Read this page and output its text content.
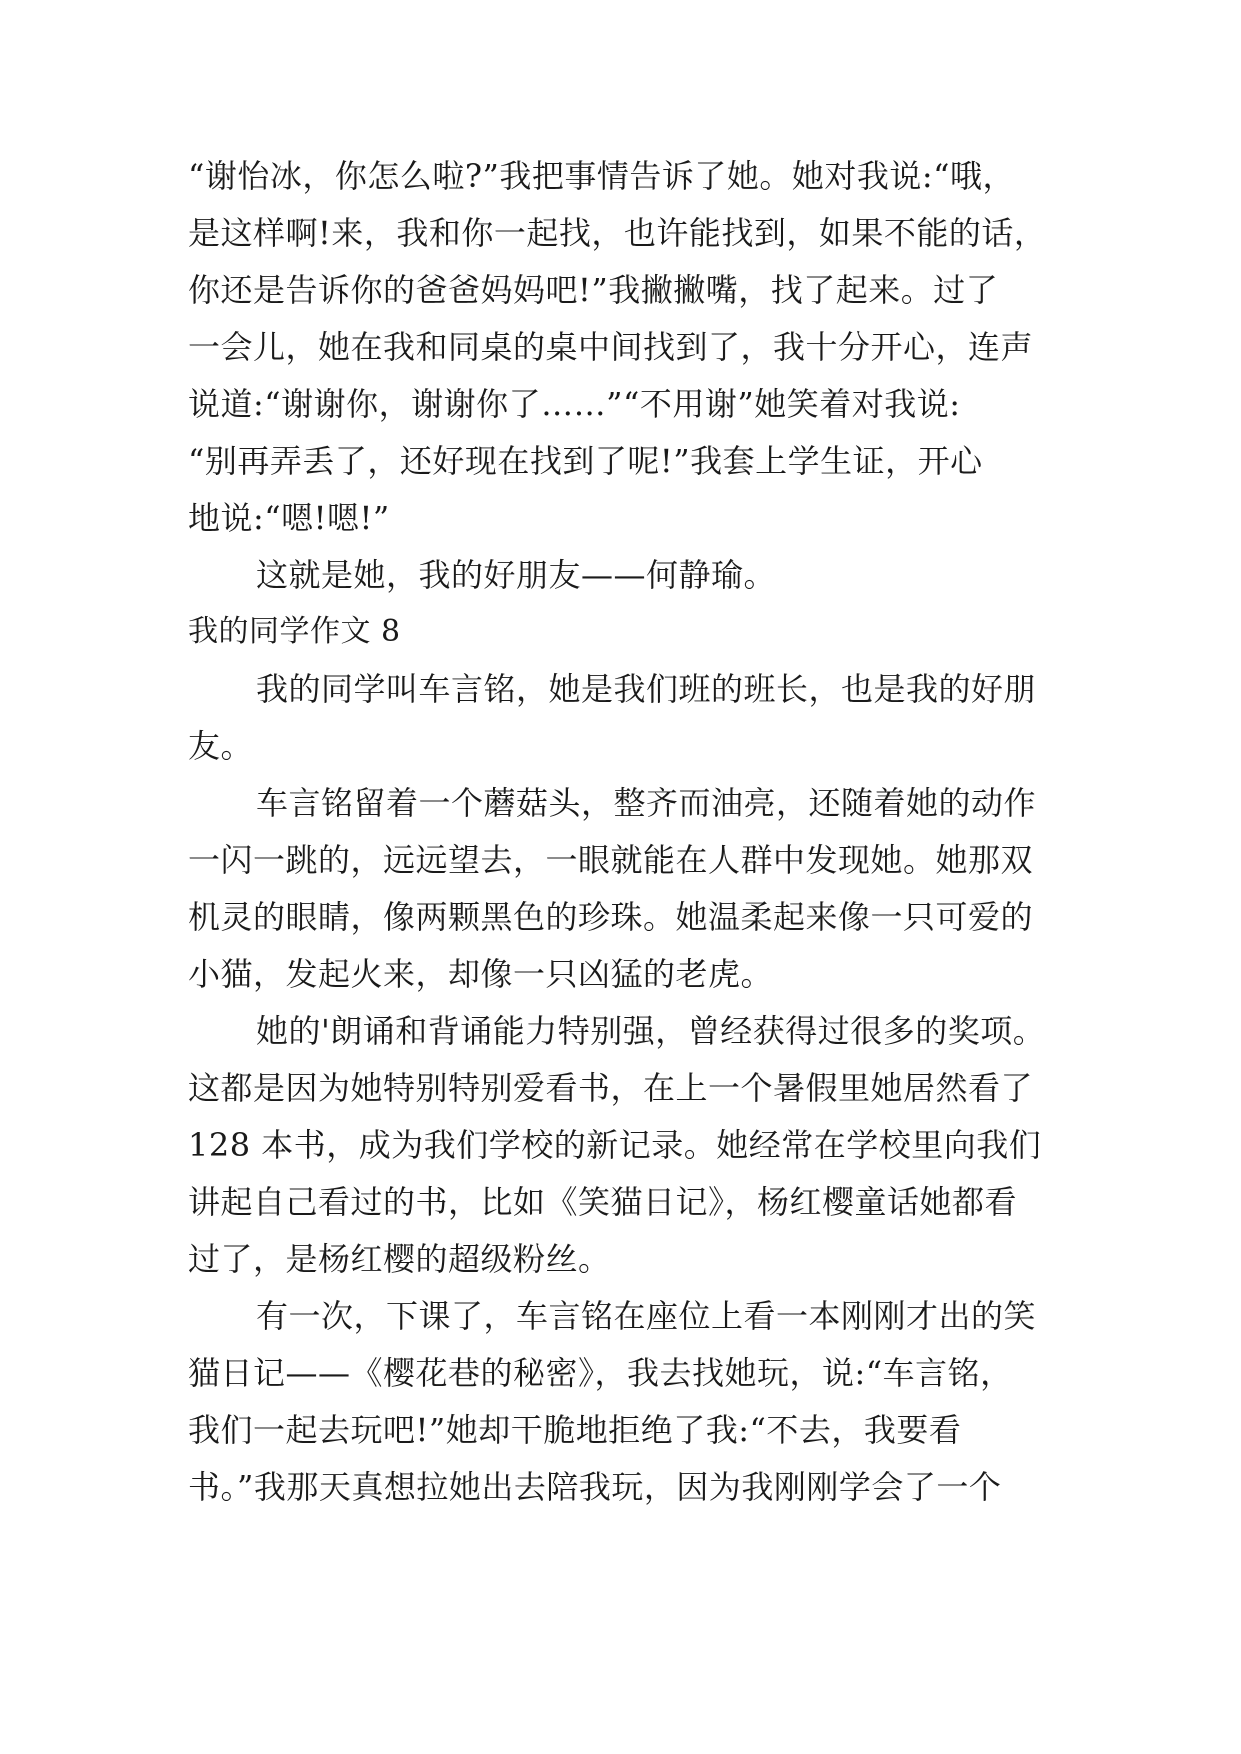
“谢怡冰，你怎么啦?”我把事情告诉了她。她对我说:“哦，
是这样啊!来，我和你一起找，也许能找到，如果不能的话，
你还是告诉你的爸爸妈妈吧!”我撇撇嘴，找了起来。过了
一会儿，她在我和同桌的桌中间找到了，我十分开心，连声
说道:“谢谢你，谢谢你了……”“不用谢”她笑着对我说:
“别再弄丢了，还好现在找到了呢!”我套上学生证，开心
地说:“嗯!嗯!”
这就是她，我的好朋友——何静瑜。
我的同学作文 8
我的同学叫车言铭，她是我们班的班长，也是我的好朋
友。
车言铭留着一个蘑菇头，整齐而油亮，还随着她的动作
一闪一跳的，远远望去，一眼就能在人群中发现她。她那双
机灵的眼睛，像两颗黑色的珍珠。她温柔起来像一只可爱的
小猫，发起火来，却像一只凶猛的老虎。
她的'朗诵和背诵能力特别强，曾经获得过很多的奖项。
这都是因为她特别特别爱看书，在上一个暑假里她居然看了
128 本书，成为我们学校的新记录。她经常在学校里向我们
讲起自己看过的书，比如《笑猫日记》，杨红樱童话她都看
过了，是杨红樱的超级粉丝。
有一次，下课了，车言铭在座位上看一本刚刚才出的笑
猫日记——《樱花巷的秘密》，我去找她玩，说:“车言铭，
我们一起去玩吧!”她却干脆地拒绝了我:“不去，我要看
书。”我那天真想拉她出去陪我玩，因为我刚刚学会了一个
